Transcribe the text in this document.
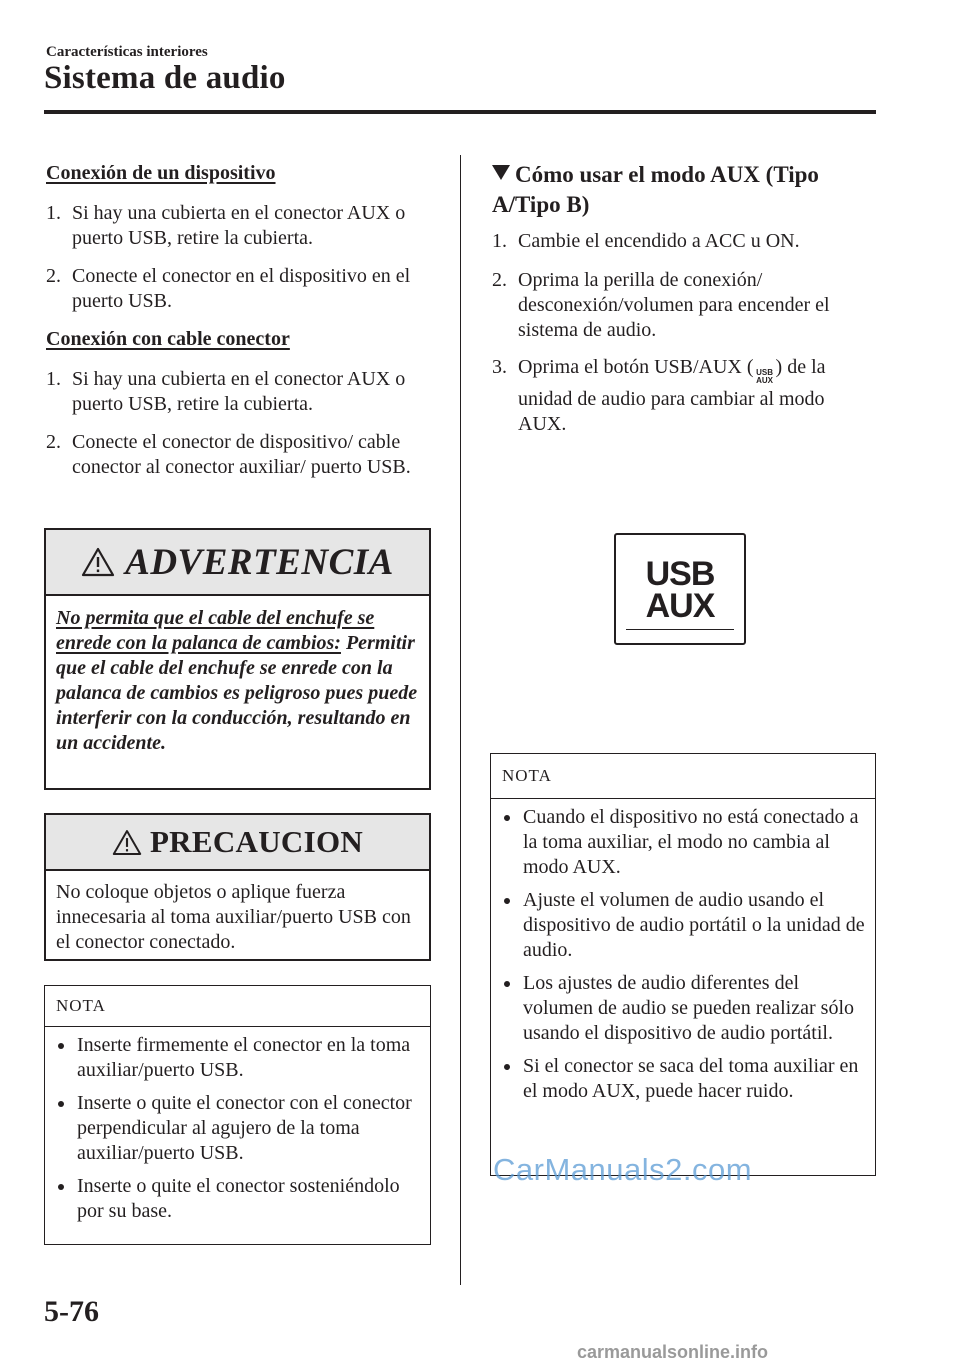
Características interiores
Sistema de audio
Conexión de un dispositivo
1. Si hay una cubierta en el conector AUX o puerto USB, retire la cubierta.
2. Conecte el conector en el dispositivo en el puerto USB.
Conexión con cable conector
1. Si hay una cubierta en el conector AUX o puerto USB, retire la cubierta.
2. Conecte el conector de dispositivo/ cable conector al conector auxiliar/ puerto USB.
ADVERTENCIA
No permita que el cable del enchufe se enrede con la palanca de cambios: Permitir que el cable del enchufe se enrede con la palanca de cambios es peligroso pues puede interferir con la conducción, resultando en un accidente.
PRECAUCION
No coloque objetos o aplique fuerza innecesaria al toma auxiliar/puerto USB con el conector conectado.
NOTA
Inserte firmemente el conector en la toma auxiliar/puerto USB.
Inserte o quite el conector con el conector perpendicular al agujero de la toma auxiliar/puerto USB.
Inserte o quite el conector sosteniéndolo por su base.
Cómo usar el modo AUX (Tipo A/Tipo B)
1. Cambie el encendido a ACC u ON.
2. Oprima la perilla de conexión/ desconexión/volumen para encender el sistema de audio.
3. Oprima el botón USB/AUX ( USB
AUX
) de la unidad de audio para cambiar al modo AUX.
USB
AUX
NOTA
Cuando el dispositivo no está conectado a la toma auxiliar, el modo no cambia al modo AUX.
Ajuste el volumen de audio usando el dispositivo de audio portátil o la unidad de audio.
Los ajustes de audio diferentes del volumen de audio se pueden realizar sólo usando el dispositivo de audio portátil.
Si el conector se saca del toma auxiliar en el modo AUX, puede hacer ruido.
5-76
CarManuals2.com
carmanualsonline.info
